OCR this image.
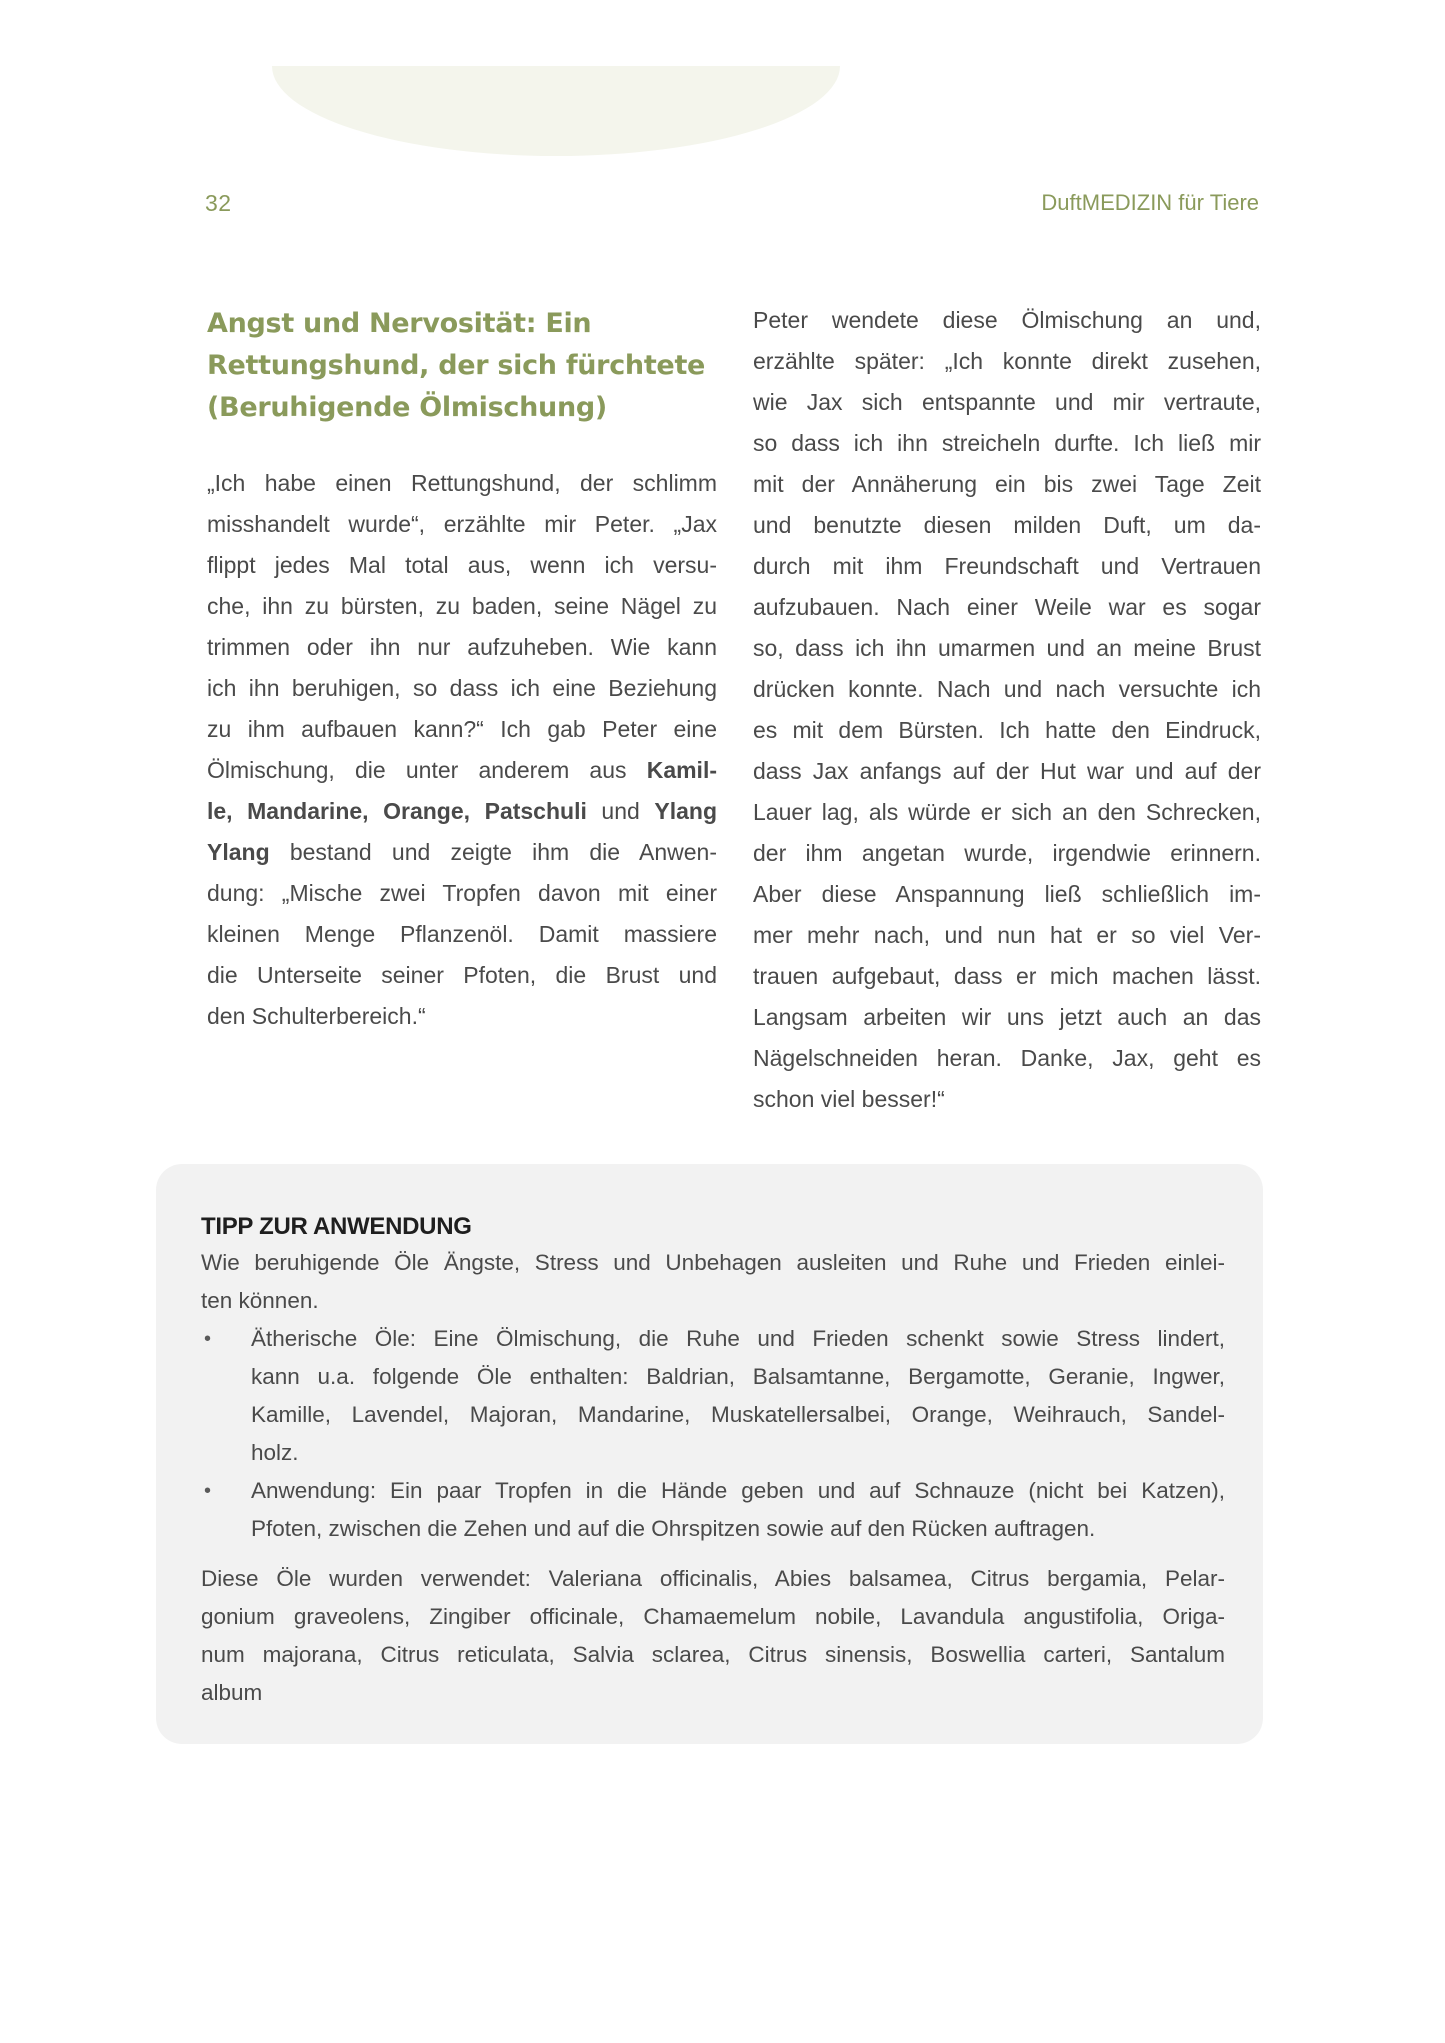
32	DuftMEDIZIN für Tiere
Angst und Nervosität: Ein
Rettungshund, der sich fürchtete
(Beruhigende Ölmischung)

„Ich habe einen Rettungshund, der schlimm
misshandelt wurde“, erzählte mir Peter. „Jax
flippt jedes Mal total aus, wenn ich versu-
che, ihn zu bürsten, zu baden, seine Nägel zu
trimmen oder ihn nur aufzuheben. Wie kann
ich ihn beruhigen, so dass ich eine Beziehung
zu ihm aufbauen kann?“ Ich gab Peter eine
Ölmischung, die unter anderem aus Kamil-
le, Mandarine, Orange, Patschuli und Ylang
Ylang bestand und zeigte ihm die Anwen-
dung: „Mische zwei Tropfen davon mit einer
kleinen Menge Pflanzenöl. Damit massiere
die Unterseite seiner Pfoten, die Brust und
den Schulterbereich.“

Peter wendete diese Ölmischung an und,
erzählte später: „Ich konnte direkt zusehen,
wie Jax sich entspannte und mir vertraute,
so dass ich ihn streicheln durfte. Ich ließ mir
mit der Annäherung ein bis zwei Tage Zeit
und benutzte diesen milden Duft, um da-
durch mit ihm Freundschaft und Vertrauen
aufzubauen. Nach einer Weile war es sogar
so, dass ich ihn umarmen und an meine Brust
drücken konnte. Nach und nach versuchte ich
es mit dem Bürsten. Ich hatte den Eindruck,
dass Jax anfangs auf der Hut war und auf der
Lauer lag, als würde er sich an den Schrecken,
der ihm angetan wurde, irgendwie erinnern.
Aber diese Anspannung ließ schließlich im-
mer mehr nach, und nun hat er so viel Ver-
trauen aufgebaut, dass er mich machen lässt.
Langsam arbeiten wir uns jetzt auch an das
Nägelschneiden heran. Danke, Jax, geht es
schon viel besser!“

TIPP ZUR ANWENDUNG
Wie beruhigende Öle Ängste, Stress und Unbehagen ausleiten und Ruhe und Frieden einlei-
ten können.
• Ätherische Öle: Eine Ölmischung, die Ruhe und Frieden schenkt sowie Stress lindert,
kann u.a. folgende Öle enthalten: Baldrian, Balsamtanne, Bergamotte, Geranie, Ingwer,
Kamille, Lavendel, Majoran, Mandarine, Muskatellersalbei, Orange, Weihrauch, Sandel-
holz.
• Anwendung: Ein paar Tropfen in die Hände geben und auf Schnauze (nicht bei Katzen),
Pfoten, zwischen die Zehen und auf die Ohrspitzen sowie auf den Rücken auftragen.
Diese Öle wurden verwendet: Valeriana officinalis, Abies balsamea, Citrus bergamia, Pelar-
gonium graveolens, Zingiber officinale, Chamaemelum nobile, Lavandula angustifolia, Origa-
num majorana, Citrus reticulata, Salvia sclarea, Citrus sinensis, Boswellia carteri, Santalum
album
